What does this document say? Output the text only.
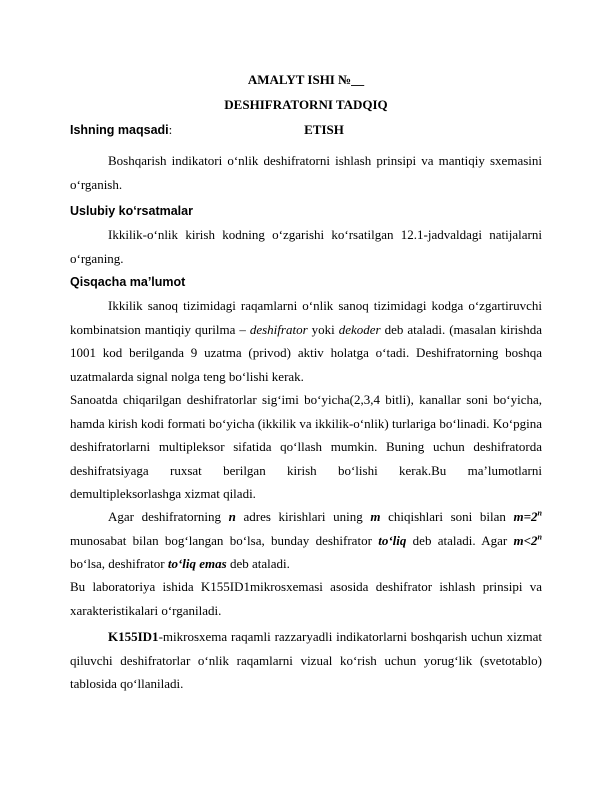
AMALYT ISHI №__
DESHIFRATORNI TADQIQ
Ishning maqsadi:	ETISH
Boshqarish indikatori o‘nlik deshifratorni ishlash prinsipi va mantiqiy sxemasini o‘rganish.
Uslubiy ko‘rsatmalar
Ikkilik-o‘nlik kirish kodning o‘zgarishi ko‘rsatilgan 12.1-jadvaldagi natijalarni o‘rganing.
Qisqacha ma’lumot
Ikkilik sanoq tizimidagi raqamlarni o‘nlik sanoq tizimidagi kodga o‘zgartiruvchi kombinatsion mantiqiy qurilma – deshifrator yoki dekoder deb ataladi. (masalan kirishda 1001 kod berilganda 9 uzatma (privod) aktiv holatga o‘tadi. Deshifratorning boshqa uzatmalarda signal nolga teng bo‘lishi kerak.
Sanoatda chiqarilgan deshifratorlar sig‘imi bo‘yicha(2,3,4 bitli), kanallar soni bo‘yicha, hamda kirish kodi formati bo‘yicha (ikkilik va ikkilik-o‘nlik) turlariga bo‘linadi. Ko‘pgina deshifratorlarni multipleksor sifatida qo‘llash mumkin. Buning uchun deshifratorda deshifratsiyaga ruxsat berilgan kirish bo‘lishi kerak.Bu ma’lumotlarni demultipleksorlashga xizmat qiladi.
Agar deshifratorning n adres kirishlari uning m chiqishlari soni bilan $m=2^n$ munosabat bilan bog‘langan bo‘lsa, bunday deshifrator to‘liq deb ataladi. Agar $m<2^n$ bo‘lsa, deshifrator to‘liq emas deb ataladi.
Bu laboratoriya ishida K155ID1mikrosxemasi asosida deshifrator ishlash prinsipi va xarakteristikalari o‘rganiladi.
K155ID1-mikrosxema raqamli razzaryadli indikatorlarni boshqarish uchun xizmat qiluvchi deshifratorlar o‘nlik raqamlarni vizual ko‘rish uchun yorug‘lik (svetotablo) tablosida qo‘llaniladi.
